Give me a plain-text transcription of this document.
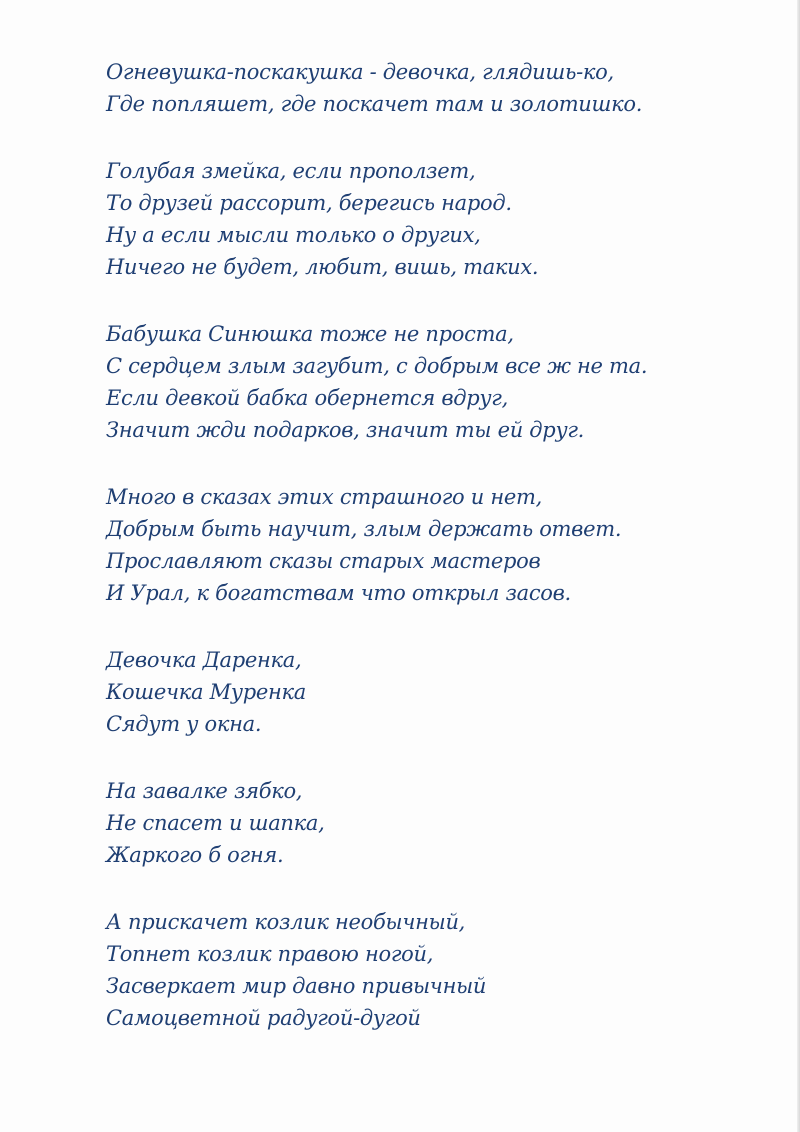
Огневушка-поскакушка - девочка, глядишь-ко,
Где попляшет, где поскачет там и золотишко.
Голубая змейка, если проползет,
То друзей рассорит, берегись народ.
Ну а если мысли только о других,
Ничего не будет, любит, вишь, таких.
Бабушка Синюшка тоже не проста,
С сердцем злым загубит, с добрым все ж не та.
Если девкой бабка обернется вдруг,
Значит жди подарков, значит ты ей друг.
Много в сказах этих страшного и нет,
Добрым быть научит, злым держать ответ.
Прославляют сказы старых мастеров
И Урал, к богатствам что открыл засов.
Девочка Даренка,
Кошечка Муренка
Сядут у окна.
На завалке зябко,
Не спасет и шапка,
Жаркого б огня.
А прискачет козлик необычный,
Топнет козлик правою ногой,
Засверкает мир давно привычный
Самоцветной радугой-дугой
